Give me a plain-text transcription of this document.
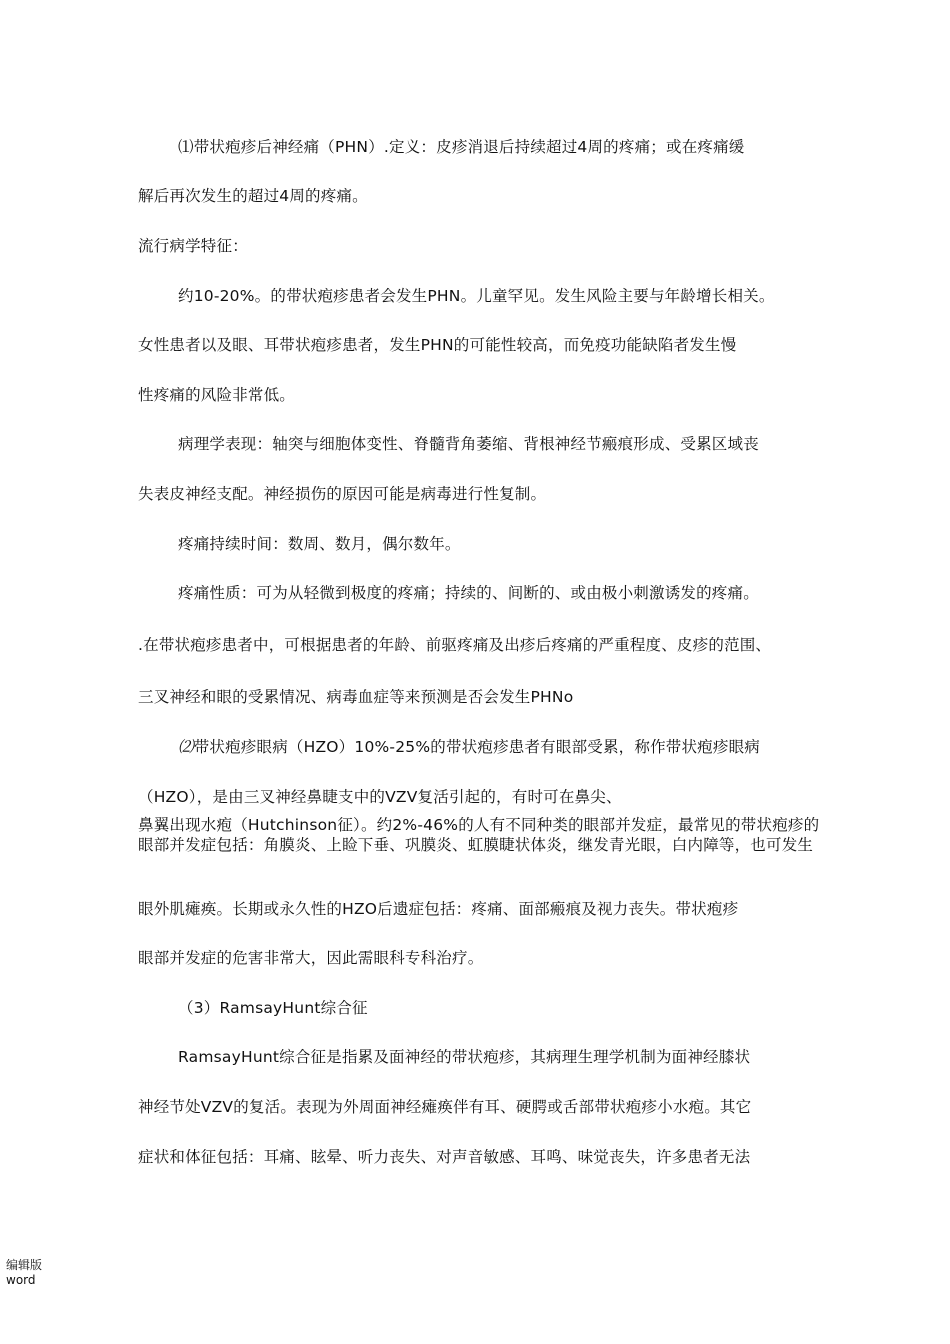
⑴带状疱疹后神经痛（PHN）.定义：皮疹消退后持续超过4周的疼痛；或在疼痛缓
解后再次发生的超过4周的疼痛。
流行病学特征：
约10-20%。的带状疱疹患者会发生PHN。儿童罕见。发生风险主要与年龄增长相关。
女性患者以及眼、耳带状疱疹患者，发生PHN的可能性较高，而免疫功能缺陷者发生慢
性疼痛的风险非常低。
病理学表现：轴突与细胞体变性、脊髓背角萎缩、背根神经节瘢痕形成、受累区域丧
失表皮神经支配。神经损伤的原因可能是病毒进行性复制。
疼痛持续时间：数周、数月，偶尔数年。
疼痛性质：可为从轻微到极度的疼痛；持续的、间断的、或由极小刺激诱发的疼痛。
.在带状疱疹患者中，可根据患者的年龄、前驱疼痛及出疹后疼痛的严重程度、皮疹的范围、
三叉神经和眼的受累情况、病毒血症等来预测是否会发生PHNo
⑵带状疱疹眼病（HZO）10%-25%的带状疱疹患者有眼部受累，称作带状疱疹眼病
（HZO），是由三叉神经鼻睫支中的VZV复活引起的，有时可在鼻尖、
鼻翼出现水疱（Hutchinson征）。约2%-46%的人有不同种类的眼部并发症，最常见的带状疱疹的眼部并发症包括：角膜炎、上睑下垂、巩膜炎、虹膜睫状体炎，继发青光眼，白内障等，也可发生
眼外肌瘫痪。长期或永久性的HZO后遗症包括：疼痛、面部瘢痕及视力丧失。带状疱疹
眼部并发症的危害非常大，因此需眼科专科治疗。
（3）RamsayHunt综合征
RamsayHunt综合征是指累及面神经的带状疱疹，其病理生理学机制为面神经膝状
神经节处VZV的复活。表现为外周面神经瘫痪伴有耳、硬腭或舌部带状疱疹小水疱。其它
症状和体征包括：耳痛、眩晕、听力丧失、对声音敏感、耳鸣、味觉丧失，许多患者无法
编辑版
word
